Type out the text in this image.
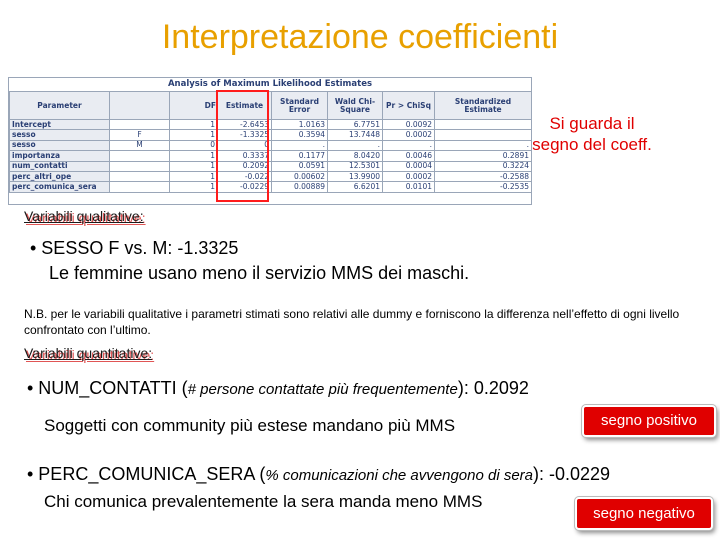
Interpretazione coefficienti
Analysis of Maximum Likelihood Estimates
Parameter		DF	Estimate	Standard Error	Wald Chi-Square	Pr > ChiSq	Standardized Estimate
Intercept		1	-2.6453	1.0163	6.7751	0.0092	
sesso	F	1	-1.3325	0.3594	13.7448	0.0002	
sesso	M	0	0	.	.	.	.
importanza		1	0.3337	0.1177	8.0420	0.0046	0.2891
num_contatti		1	0.2092	0.0591	12.5301	0.0004	0.3224
perc_altri_ope		1	-0.022	0.00602	13.9900	0.0002	-0.2588
perc_comunica_sera		1	-0.0229	0.00889	6.6201	0.0101	-0.2535
Si guarda il segno del coeff.
Variabili qualitative:
• SESSO F vs. M: -1.3325
Le femmine usano meno il servizio MMS dei maschi.
N.B. per le variabili qualitative i parametri stimati sono relativi alle dummy e forniscono la differenza nell’effetto di ogni livello confrontato con l’ultimo.
Variabili quantitative:
• NUM_CONTATTI (# persone contattate più frequentemente): 0.2092
Soggetti con community più estese mandano più MMS	segno positivo
• PERC_COMUNICA_SERA (% comunicazioni che avvengono di sera): -0.0229
Chi comunica prevalentemente la sera manda meno MMS
segno negativo
